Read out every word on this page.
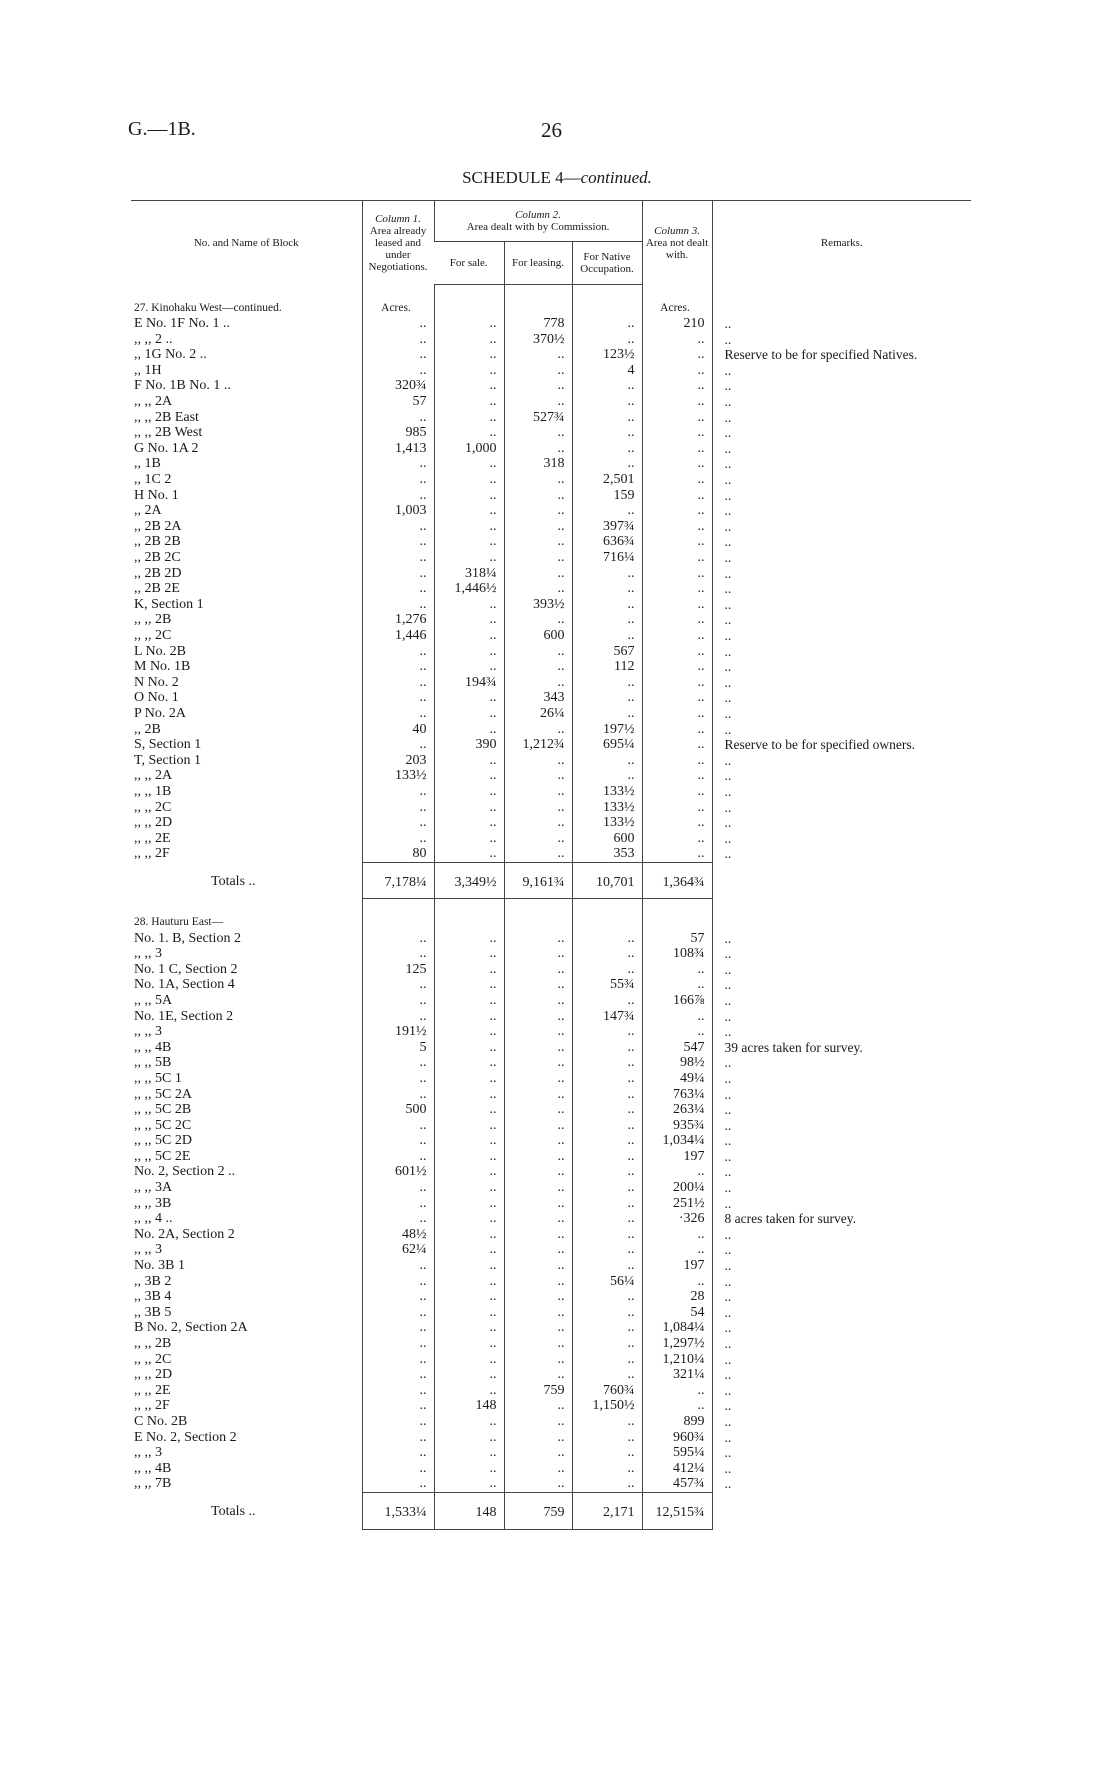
G.—1B.	26
SCHEDULE 4—continued.
No. and Name of Block	Column 1.
Area already leased and under Negotiations.	Column 2.
Area dealt with by Commission.			Column 3.
Area not dealt with.	Remarks.
		For sale.	For leasing.	For Native Occupation.		
27. Kinohaku West—continued.	Acres.				Acres.	
E No. 1F No. 1 ..	..	..	778	..	210	..
,, ,, 2 ..	..	..	370½	..	..	..
,, 1G No. 2 ..	..	..	..	123½	..	Reserve to be for specified Natives.
,, 1H	..	..	..	4	..	..
F No. 1B No. 1 ..	320¾	..	..	..	..	..
,, ,, 2A	57	..	..	..	..	..
,, ,, 2B East	..	..	527¾	..	..	..
,, ,, 2B West	985	..	..	..	..	..
G No. 1A 2	1,413	1,000	..	..	..	..
,, 1B	..	..	318	..	..	..
,, 1C 2	..	..	..	2,501	..	..
H No. 1	..	..	..	159	..	..
,, 2A	1,003	..	..	..	..	..
,, 2B 2A	..	..	..	397¾	..	..
,, 2B 2B	..	..	..	636¾	..	..
,, 2B 2C	..	..	..	716¼	..	..
,, 2B 2D	..	318¼	..	..	..	..
,, 2B 2E	..	1,446½	..	..	..	..
K, Section 1	..	..	393½	..	..	..
,, ,, 2B	1,276	..	..	..	..	..
,, ,, 2C	1,446	..	600	..	..	..
L No. 2B	..	..	..	567	..	..
M No. 1B	..	..	..	112	..	..
N No. 2	..	194¾	..	..	..	..
O No. 1	..	..	343	..	..	..
P No. 2A	..	..	26¼	..	..	..
,, 2B	40	..	..	197½	..	..
S, Section 1	..	390	1,212¾	695¼	..	Reserve to be for specified owners.
T, Section 1	203	..	..	..	..	..
,, ,, 2A	133½	..	..	..	..	..
,, ,, 1B	..	..	..	133½	..	..
,, ,, 2C	..	..	..	133½	..	..
,, ,, 2D	..	..	..	133½	..	..
,, ,, 2E	..	..	..	600	..	..
,, ,, 2F	80	..	..	353	..	..
Totals ..	7,178¼	3,349½	9,161¾	10,701	1,364¾	
28. Hauturu East—						
No. 1. B, Section 2	..	..	..	..	57	..
,, ,, 3	..	..	..	..	108¾	..
No. 1 C, Section 2	125	..	..	..	..	..
No. 1A, Section 4	..	..	..	55¾	..	..
,, ,, 5A	..	..	..	..	166⅞	..
No. 1E, Section 2	..	..	..	147¾	..	..
,, ,, 3	191½	..	..	..	..	..
,, ,, 4B	5	..	..	..	547	39 acres taken for survey.
,, ,, 5B	..	..	..	..	98½	..
,, ,, 5C 1	..	..	..	..	49¼	..
,, ,, 5C 2A	..	..	..	..	763¼	..
,, ,, 5C 2B	500	..	..	..	263¼	..
,, ,, 5C 2C	..	..	..	..	935¾	..
,, ,, 5C 2D	..	..	..	..	1,034¼	..
,, ,, 5C 2E	..	..	..	..	197	..
No. 2, Section 2 ..	601½	..	..	..	..	..
,, ,, 3A	..	..	..	..	200¼	..
,, ,, 3B	..	..	..	..	251½	..
,, ,, 4 ..	..	..	..	..	·326	8 acres taken for survey.
No. 2A, Section 2	48½	..	..	..	..	..
,, ,, 3	62¼	..	..	..	..	..
No. 3B 1	..	..	..	..	197	..
,, 3B 2	..	..	..	56¼	..	..
,, 3B 4	..	..	..	..	28	..
,, 3B 5	..	..	..	..	54	..
B No. 2, Section 2A	..	..	..	..	1,084¼	..
,, ,, 2B	..	..	..	..	1,297½	..
,, ,, 2C	..	..	..	..	1,210¼	..
,, ,, 2D	..	..	..	..	321¼	..
,, ,, 2E	..	..	759	760¾	..	..
,, ,, 2F	..	148	..	1,150½	..	..
C No. 2B	..	..	..	..	899	..
E No. 2, Section 2	..	..	..	..	960¾	..
,, ,, 3	..	..	..	..	595¼	..
,, ,, 4B	..	..	..	..	412¼	..
,, ,, 7B	..	..	..	..	457¾	..
Totals ..	1,533¼	148	759	2,171	12,515¾	
